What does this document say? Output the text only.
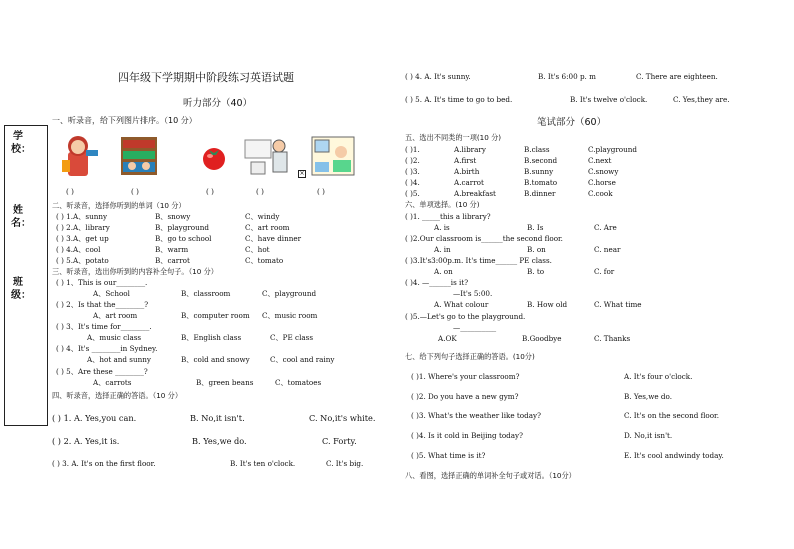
四年级下学期期中阶段练习英语试题
听力部分（40）
学校：
姓名：
班级：
一、听录音，给下列图片排序。（10 分）
×
( )	( )	( )	( )	( )
二、听录音，选择你听到的单词（10 分）
( ) 1.A、sunny	B、snowy	C、windy
( ) 2.A、library	B、playground	C、art room
( ) 3.A、get up	B、go to school	C、have dinner
( ) 4.A、cool	B、warm	C、hot
( ) 5.A、potato	B、carrot	C、tomato
三、听录音，选出你听到的内容补全句子。（10 分）
( ) 1、This is our________.
A、School	B、classroom	C、playground
( ) 2、Is that the________?
A、art room	B、computer room C、music room
( ) 3、It's time for________.
A、music class	B、English class	C、PE class
( ) 4、It's ________in Sydney.
A、hot and sunny	B、cold and snowy	C、cool and rainy
( ) 5、Are these ________?
A、carrots	B、green beans	C、tomatoes
四、听录音，选择正确的答语。（10 分）
( ) 1. A. Yes,you can.	B. No,it isn't.	C. No,it's white.
( ) 2. A. Yes,it is.	B. Yes,we do.	C. Forty.
( ) 3. A. It's on the first floor.	B. It's ten o'clock.	C. It's big.
( ) 4. A. It's sunny.	B. It's 6:00 p. m	C. There are eighteen.
( ) 5. A. It's time to go to bed.	B. It's twelve o'clock.	C. Yes,they are.
笔试部分（60）
五、选出不同类的一项(10 分)
( )1.	A.library	B.class	C.playground
( )2.	A.first	B.second	C.next
( )3.	A.birth	B.sunny	C.snowy
( )4.	A.carrot	B.tomato	C.horse
( )5.	A.breakfast	B.dinner	C.cook
六、单项选择。(10 分)
( )1. _____this a library?
A. is	B. Is	C. Are
( )2.Our classroom is______the second floor.
A. in	B. on	C. near
( )3.It's3:00p.m. It's time______ PE class.
A. on	B. to	C. for
( )4. —______is it?
—It's 5:00.
A. What colour	B. How old	C. What time
( )5.—Let's go to the playground.
—__________
A.OK	B.Goodbye	C. Thanks
七、给下列句子选择正确的答语。(10分)
( )1. Where's your classroom?	A. It's four o'clock.
( )2. Do you have a new gym?	B. Yes,we do.
( )3. What's the weather like today?	C. It's on the second floor.
( )4. Is it cold in Beijing today?	D. No,it isn't.
( )5. What time is it?	E. It's cool andwindy today.
八、看图，选择正确的单词补全句子或对话。（10分）
